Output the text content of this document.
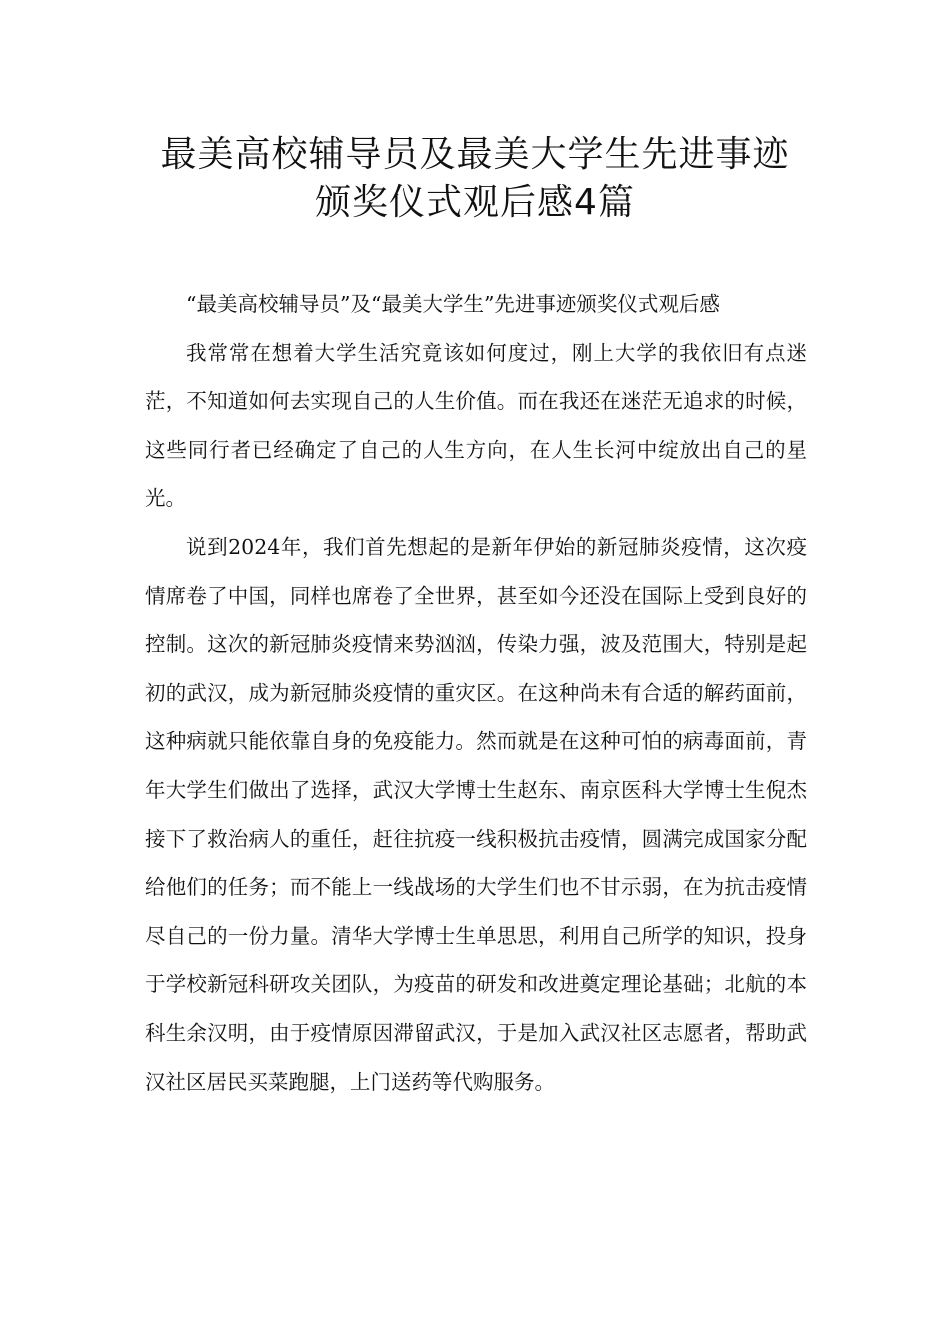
最美高校辅导员及最美大学生先进事迹
颁奖仪式观后感4篇

“最美高校辅导员”及“最美大学生”先进事迹颁奖仪式观后感

我常常在想着大学生活究竟该如何度过，刚上大学的我依旧有点迷茫，不知道如何去实现自己的人生价值。而在我还在迷茫无追求的时候，这些同行者已经确定了自己的人生方向，在人生长河中绽放出自己的星光。

说到2024年，我们首先想起的是新年伊始的新冠肺炎疫情，这次疫情席卷了中国，同样也席卷了全世界，甚至如今还没在国际上受到良好的控制。这次的新冠肺炎疫情来势汹汹，传染力强，波及范围大，特别是起初的武汉，成为新冠肺炎疫情的重灾区。在这种尚未有合适的解药面前，这种病就只能依靠自身的免疫能力。然而就是在这种可怕的病毒面前，青年大学生们做出了选择，武汉大学博士生赵东、南京医科大学博士生倪杰接下了救治病人的重任，赶往抗疫一线积极抗击疫情，圆满完成国家分配给他们的任务；而不能上一线战场的大学生们也不甘示弱，在为抗击疫情尽自己的一份力量。清华大学博士生单思思，利用自己所学的知识，投身于学校新冠科研攻关团队，为疫苗的研发和改进奠定理论基础；北航的本科生余汉明，由于疫情原因滞留武汉，于是加入武汉社区志愿者，帮助武汉社区居民买菜跑腿，上门送药等代购服务。
